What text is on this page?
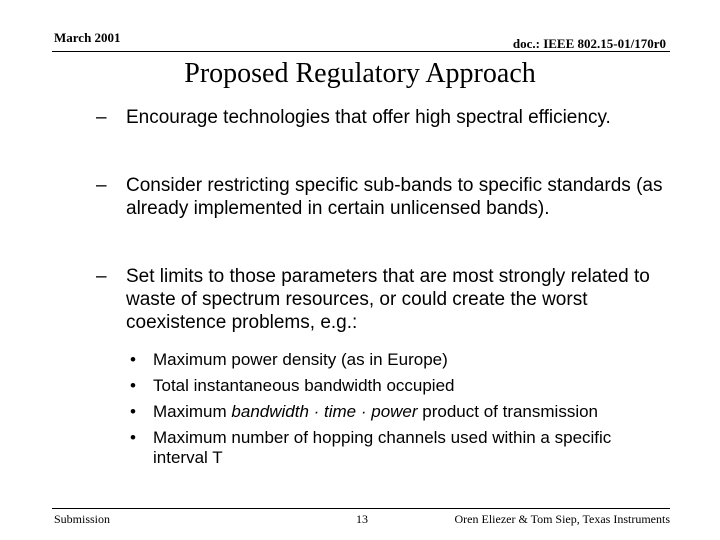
March 2001	doc.: IEEE 802.15-01/170r0
Proposed Regulatory Approach
– Encourage technologies that offer high spectral efficiency.
– Consider restricting specific sub-bands to specific standards (as already implemented in certain unlicensed bands).
– Set limits to those parameters that are most strongly related to waste of spectrum resources, or could create the worst coexistence problems, e.g.:
• Maximum power density (as in Europe)
• Total instantaneous bandwidth occupied
• Maximum bandwidth · time · power product of transmission
• Maximum number of hopping channels used within a specific interval T
Submission	13	Oren Eliezer & Tom Siep, Texas Instruments
